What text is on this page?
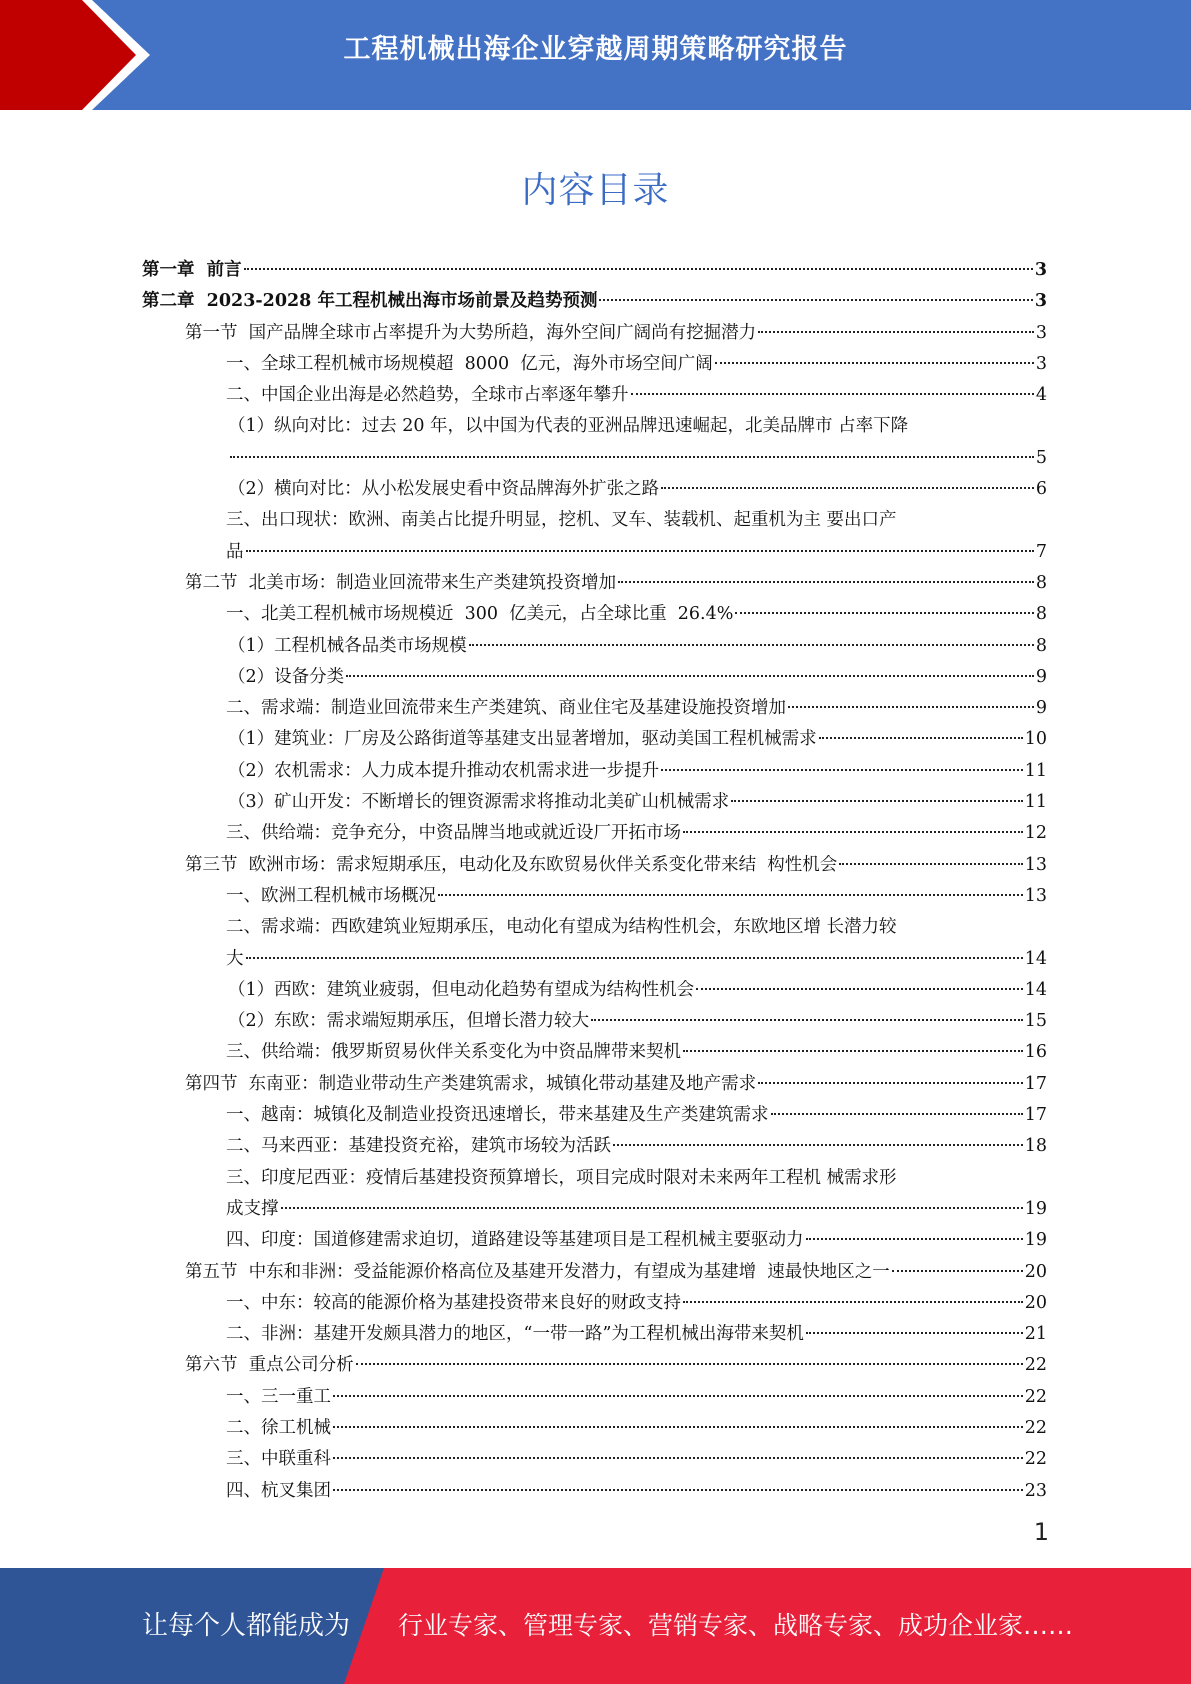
工程机械出海企业穿越周期策略研究报告
内容目录
第一章  前言	3
第二章  2023-2028 年工程机械出海市场前景及趋势预测	3
第一节  国产品牌全球市占率提升为大势所趋，海外空间广阔尚有挖掘潜力	3
一、全球工程机械市场规模超  8000  亿元，海外市场空间广阔	3
二、中国企业出海是必然趋势，全球市占率逐年攀升	4
（1）纵向对比：过去 20 年，以中国为代表的亚洲品牌迅速崛起，北美品牌市 占率下降
5
（2）横向对比：从小松发展史看中资品牌海外扩张之路	6
三、出口现状：欧洲、南美占比提升明显，挖机、叉车、装载机、起重机为主 要出口产
品	7
第二节  北美市场：制造业回流带来生产类建筑投资增加	8
一、北美工程机械市场规模近  300  亿美元，占全球比重  26.4%	8
（1）工程机械各品类市场规模	8
（2）设备分类	9
二、需求端：制造业回流带来生产类建筑、商业住宅及基建设施投资增加	9
（1）建筑业：厂房及公路街道等基建支出显著增加，驱动美国工程机械需求	10
（2）农机需求：人力成本提升推动农机需求进一步提升	11
（3）矿山开发：不断增长的锂资源需求将推动北美矿山机械需求	11
三、供给端：竞争充分，中资品牌当地或就近设厂开拓市场	12
第三节  欧洲市场：需求短期承压，电动化及东欧贸易伙伴关系变化带来结  构性机会	13
一、欧洲工程机械市场概况	13
二、需求端：西欧建筑业短期承压，电动化有望成为结构性机会，东欧地区增 长潜力较
大	14
（1）西欧：建筑业疲弱，但电动化趋势有望成为结构性机会	14
（2）东欧：需求端短期承压，但增长潜力较大	15
三、供给端：俄罗斯贸易伙伴关系变化为中资品牌带来契机	16
第四节  东南亚：制造业带动生产类建筑需求，城镇化带动基建及地产需求	17
一、越南：城镇化及制造业投资迅速增长，带来基建及生产类建筑需求	17
二、马来西亚：基建投资充裕，建筑市场较为活跃	18
三、印度尼西亚：疫情后基建投资预算增长，项目完成时限对未来两年工程机 械需求形
成支撑	19
四、印度：国道修建需求迫切，道路建设等基建项目是工程机械主要驱动力	19
第五节  中东和非洲：受益能源价格高位及基建开发潜力，有望成为基建增  速最快地区之一	20
一、中东：较高的能源价格为基建投资带来良好的财政支持	20
二、非洲：基建开发颇具潜力的地区，“一带一路”为工程机械出海带来契机	21
第六节  重点公司分析	22
一、三一重工	22
二、徐工机械	22
三、中联重科	22
四、杭叉集团	23
1
让每个人都能成为 行业专家、管理专家、营销专家、战略专家、成功企业家……
